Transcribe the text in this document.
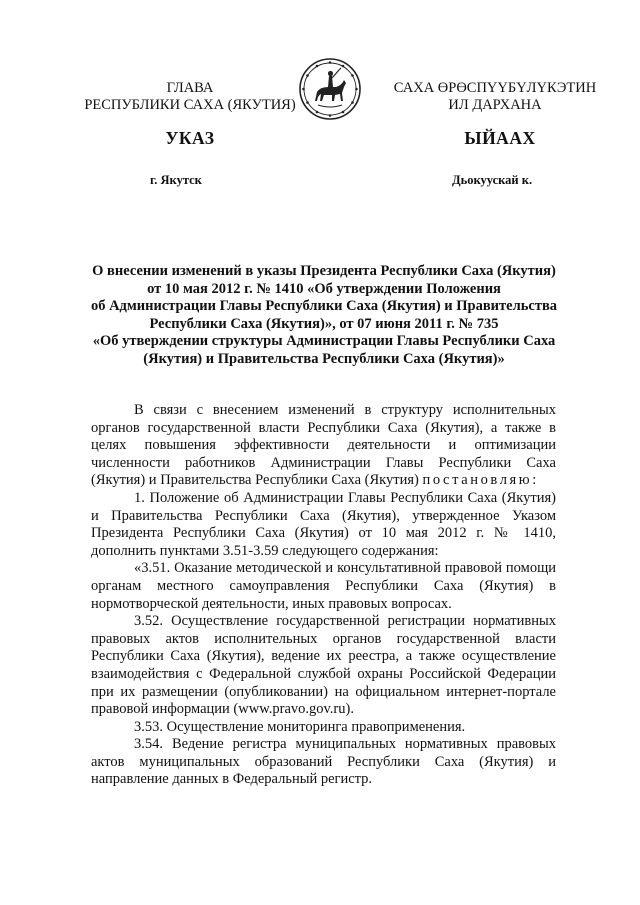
ГЛАВА
РЕСПУБЛИКИ САХА (ЯКУТИЯ)
САХА ӨРӨСПҮҮБҮЛҮКЭТИН
ИЛ ДАРХАНА
УКАЗ	ЫЙААХ
г. Якутск	Дьокуускай к.
О внесении изменений в указы Президента Республики Саха (Якутия)
от 10 мая 2012 г. № 1410 «Об утверждении Положения
об Администрации Главы Республики Саха (Якутия) и Правительства
Республики Саха (Якутия)», от 07 июня 2011 г. № 735
«Об утверждении структуры Администрации Главы Республики Саха
(Якутия) и Правительства Республики Саха (Якутия)»

В связи с внесением изменений в структуру исполнительных органов государственной власти Республики Саха (Якутия), а также в целях повышения эффективности деятельности и оптимизации численности работников Администрации Главы Республики Саха (Якутия) и Правительства Республики Саха (Якутия) постановляю:

1. Положение об Администрации Главы Республики Саха (Якутия) и Правительства Республики Саха (Якутия), утвержденное Указом Президента Республики Саха (Якутия) от 10 мая 2012 г. № 1410, дополнить пунктами 3.51-3.59 следующего содержания:

«3.51. Оказание методической и консультативной правовой помощи органам местного самоуправления Республики Саха (Якутия) в нормотворческой деятельности, иных правовых вопросах.

3.52. Осуществление государственной регистрации нормативных правовых актов исполнительных органов государственной власти Республики Саха (Якутия), ведение их реестра, а также осуществление взаимодействия с Федеральной службой охраны Российской Федерации при их размещении (опубликовании) на официальном интернет-портале правовой информации (www.pravo.gov.ru).

3.53. Осуществление мониторинга правоприменения.

3.54. Ведение регистра муниципальных нормативных правовых актов муниципальных образований Республики Саха (Якутия) и направление данных в Федеральный регистр.
